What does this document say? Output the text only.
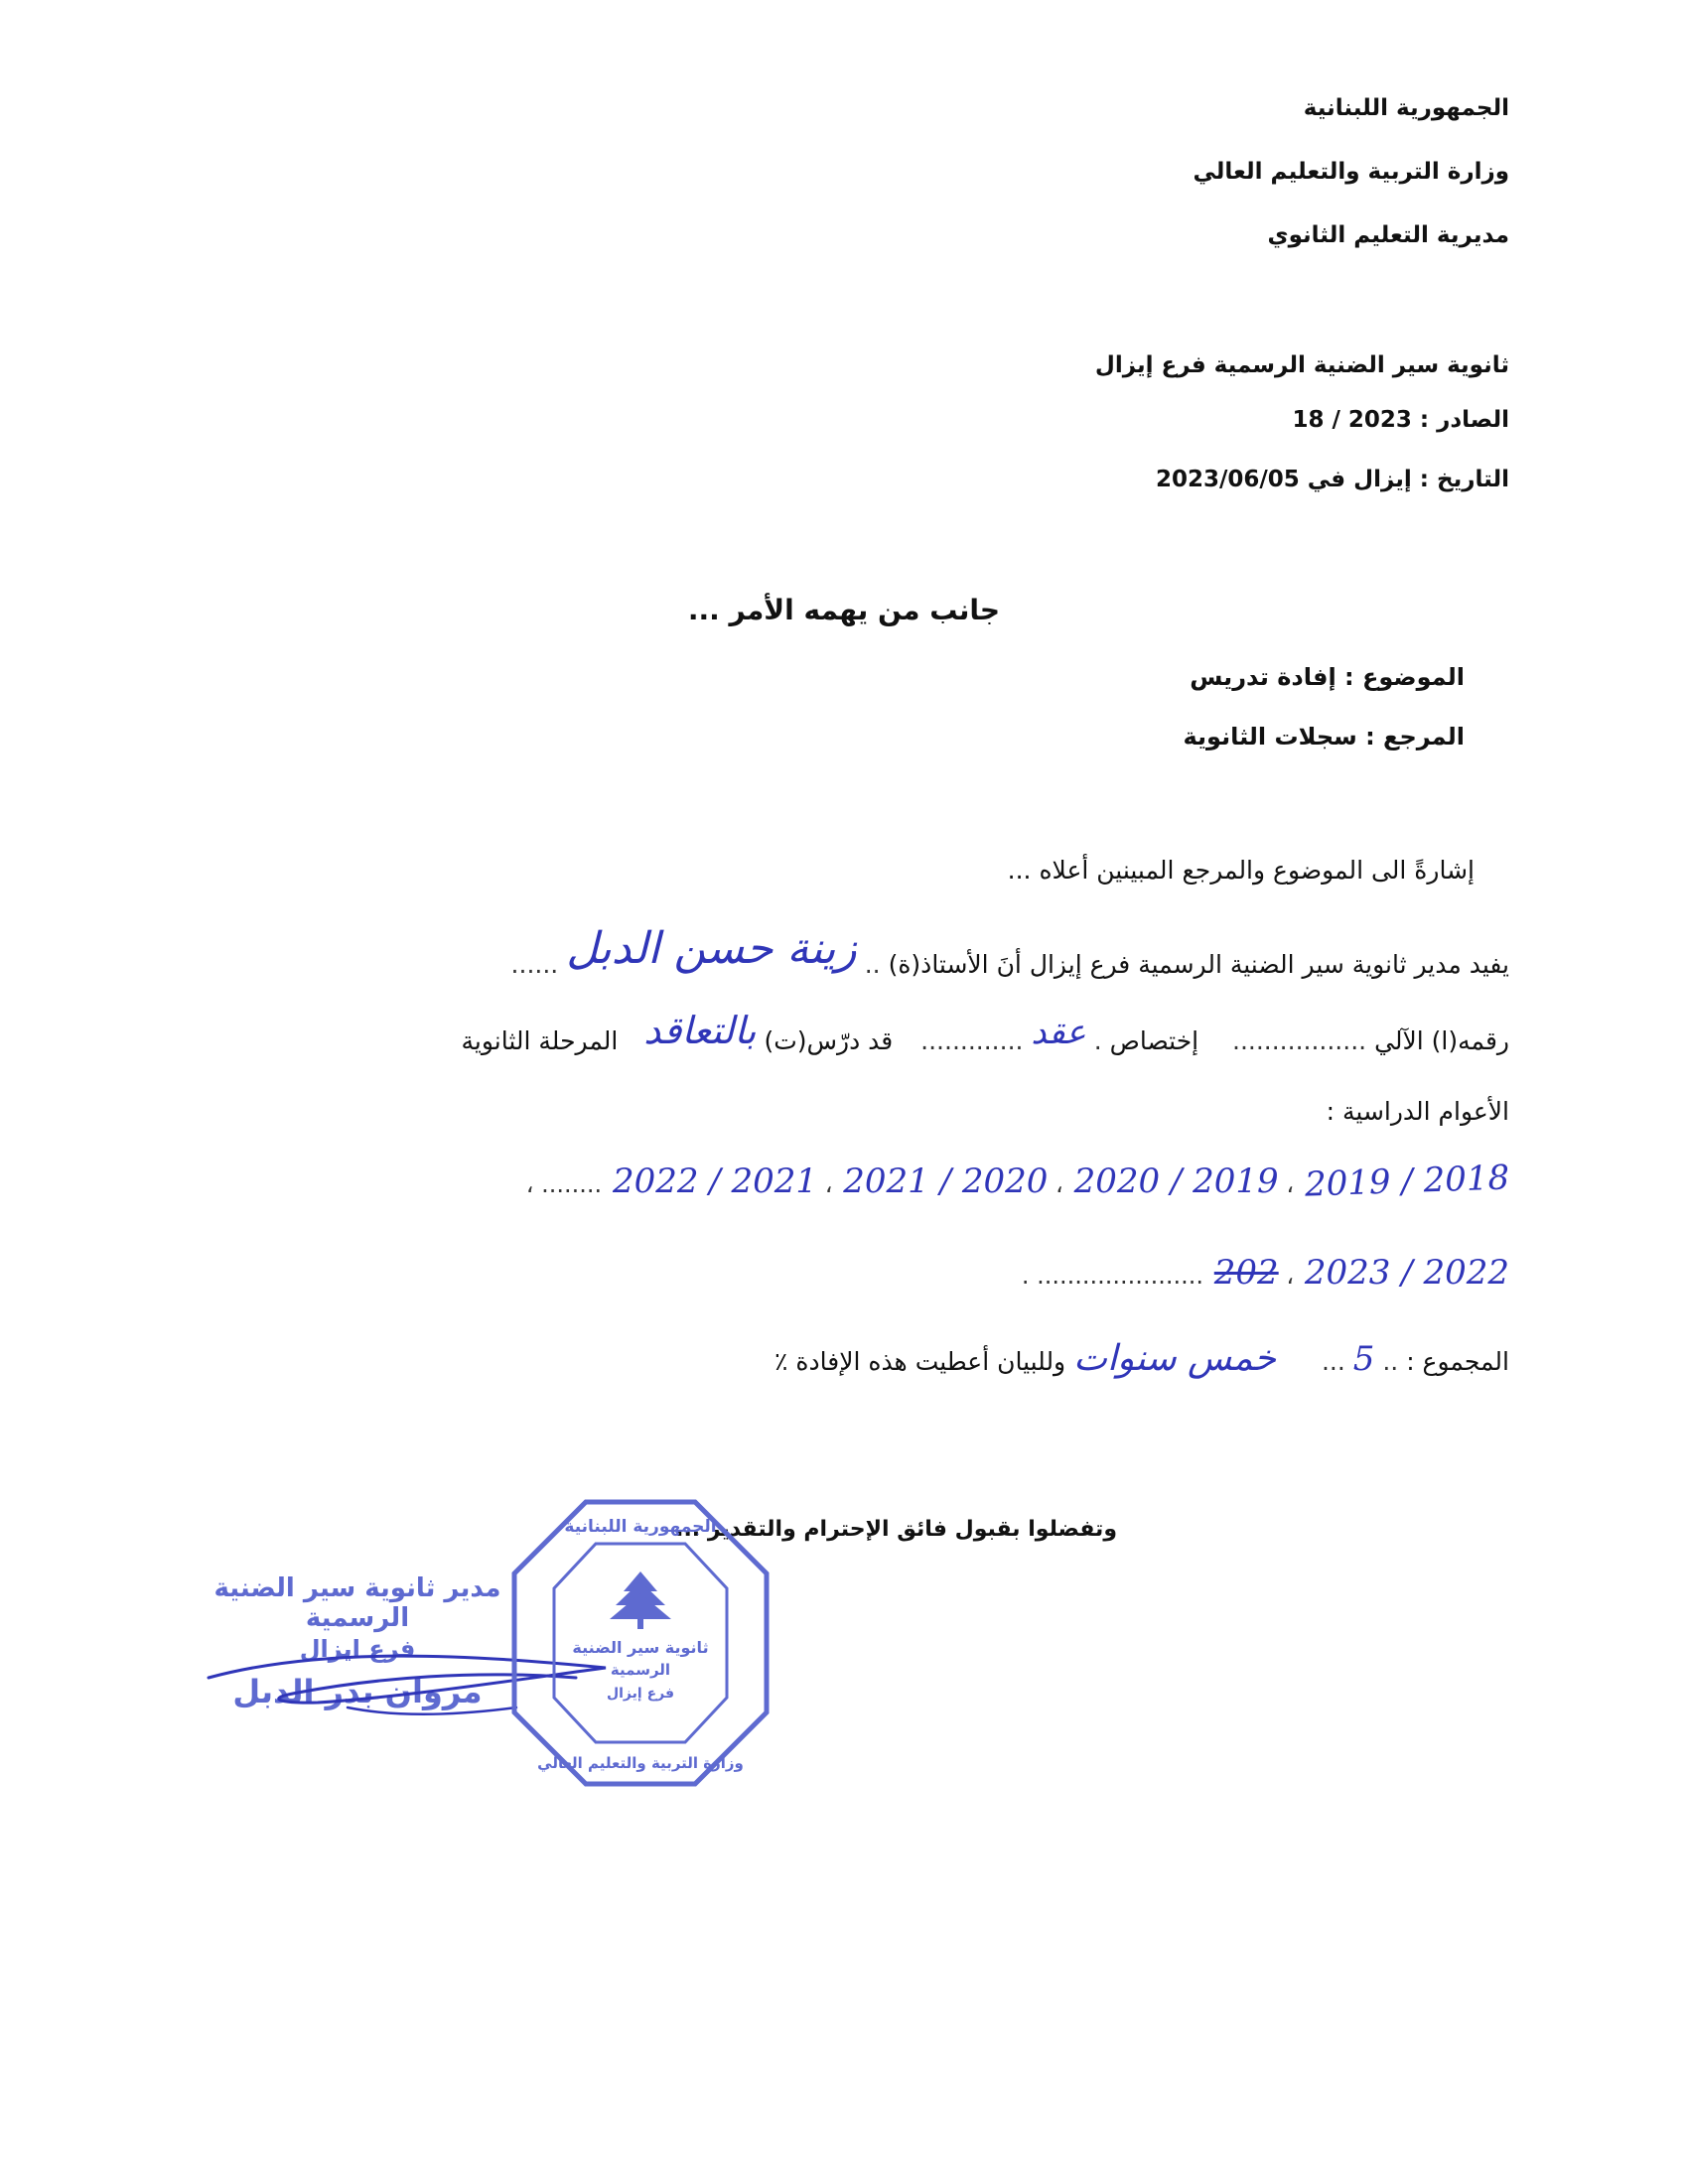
الجمهورية اللبنانية
وزارة التربية والتعليم العالي
مديرية التعليم الثانوي
ثانوية سير الضنية الرسمية فرع إيزال
الصادر : 18 / 2023
التاريخ : إيزال في 2023/06/05
جانب من يهمه الأمر ...
الموضوع : إفادة تدريس
المرجع : سجلات الثانوية
إشارةً الى الموضوع والمرجع المبينين أعلاه ...
يفيد مدير ثانوية سير الضنية الرسمية فرع إيزال أنَ الأستاذ(ة) .. زينة حسن الدبل ......
رقمه(ا) الآلي .................  إختصاص . عقد .............  قد درّس(ت) بالتعاقد  المرحلة الثانوية
الأعوام الدراسية :
2019 / 2018 ، 2020 / 2019 ، 2021 / 2020 ، 2022 / 2021 ........ ،
2023 / 2022 ، 202 ...................... .
المجموع : .. 5 ...  خمس سنوات وللبيان أعطيت هذه الإفادة ٪
وتفضلوا بقبول فائق الإحترام والتقدير ...
مدير ثانوية سير الضنية الرسمية
فرع ايزال
مروان بدر الدبل
ثانوية سير الضنية
الرسمية
فرع إيزال
الجمهورية اللبنانية
وزارة التربية والتعليم العالي
